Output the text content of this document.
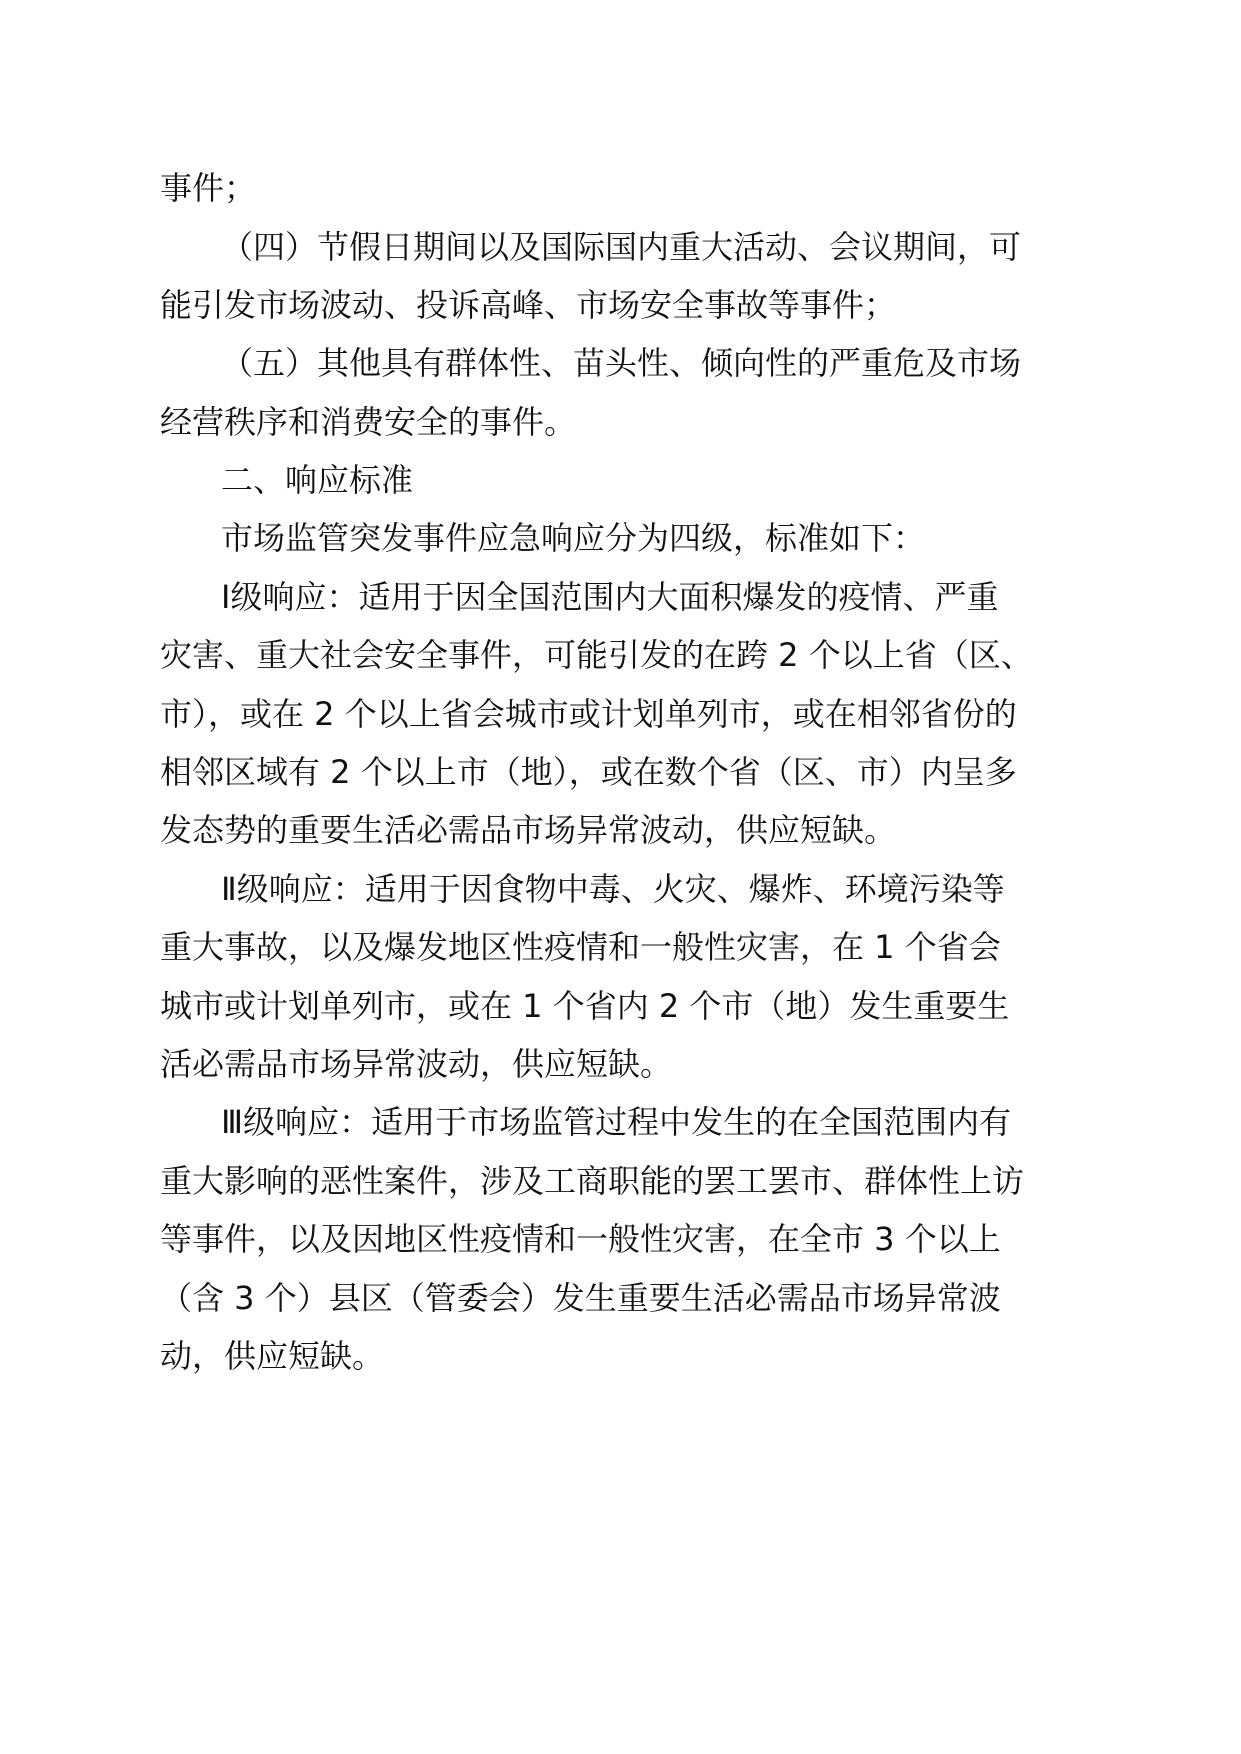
事件；
（四）节假日期间以及国际国内重大活动、会议期间，可
能引发市场波动、投诉高峰、市场安全事故等事件；
（五）其他具有群体性、苗头性、倾向性的严重危及市场
经营秩序和消费安全的事件。
二、响应标准
市场监管突发事件应急响应分为四级，标准如下：
Ⅰ级响应：适用于因全国范围内大面积爆发的疫情、严重
灾害、重大社会安全事件，可能引发的在跨 2 个以上省（区、
市），或在 2 个以上省会城市或计划单列市，或在相邻省份的
相邻区域有 2 个以上市（地），或在数个省（区、市）内呈多
发态势的重要生活必需品市场异常波动，供应短缺。
Ⅱ级响应：适用于因食物中毒、火灾、爆炸、环境污染等
重大事故，以及爆发地区性疫情和一般性灾害，在 1 个省会
城市或计划单列市，或在 1 个省内 2 个市（地）发生重要生
活必需品市场异常波动，供应短缺。
Ⅲ级响应：适用于市场监管过程中发生的在全国范围内有
重大影响的恶性案件，涉及工商职能的罢工罢市、群体性上访
等事件，以及因地区性疫情和一般性灾害，在全市 3 个以上
（含 3 个）县区（管委会）发生重要生活必需品市场异常波
动，供应短缺。
